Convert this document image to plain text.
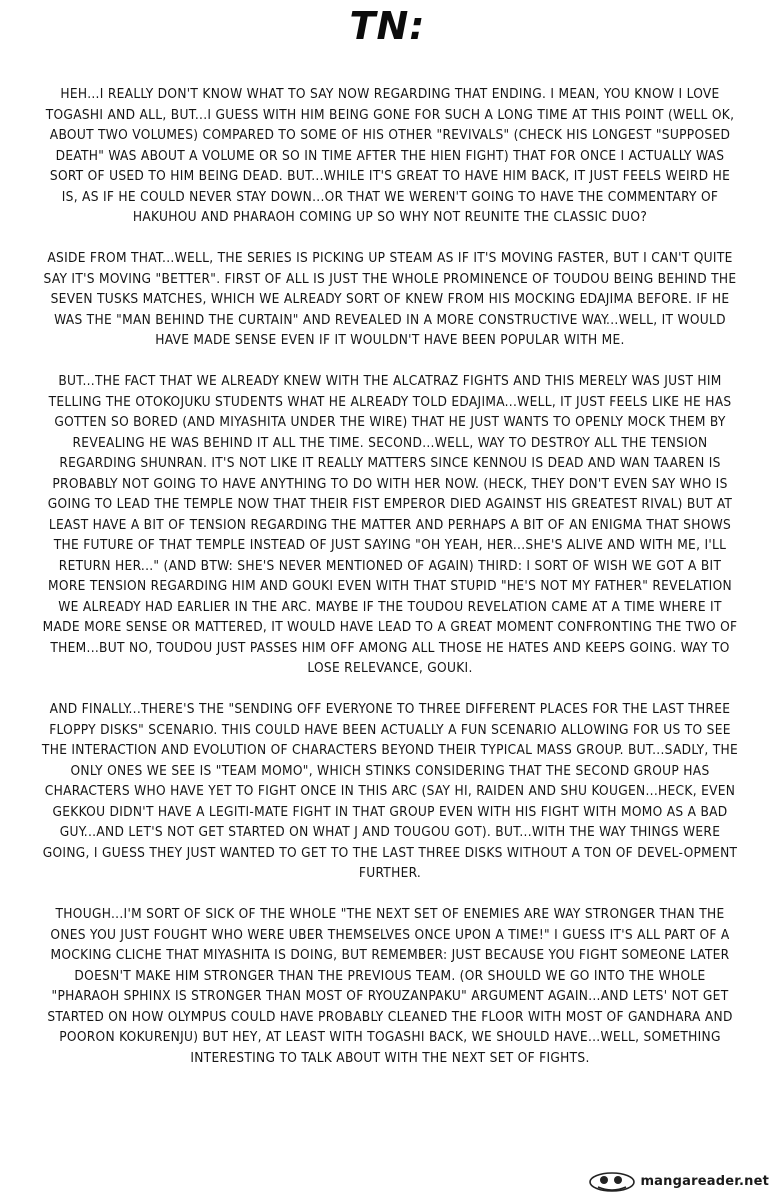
TN:

HEH...I REALLY DON'T KNOW WHAT TO SAY NOW REGARDING THAT ENDING. I MEAN, YOU KNOW I LOVE TOGASHI AND ALL, BUT...I GUESS WITH HIM BEING GONE FOR SUCH A LONG TIME AT THIS POINT (WELL OK, ABOUT TWO VOLUMES) COMPARED TO SOME OF HIS OTHER "REVIVALS" (CHECK HIS LONGEST "SUPPOSED DEATH" WAS ABOUT A VOLUME OR SO IN TIME AFTER THE HIEN FIGHT) THAT FOR ONCE I ACTUALLY WAS SORT OF USED TO HIM BEING DEAD. BUT...WHILE IT'S GREAT TO HAVE HIM BACK, IT JUST FEELS WEIRD HE IS, AS IF HE COULD NEVER STAY DOWN...OR THAT WE WEREN'T GOING TO HAVE THE COMMENTARY OF HAKUHOU AND PHARAOH COMING UP SO WHY NOT REUNITE THE CLASSIC DUO?

ASIDE FROM THAT...WELL, THE SERIES IS PICKING UP STEAM AS IF IT'S MOVING FASTER, BUT I CAN'T QUITE SAY IT'S MOVING "BETTER". FIRST OF ALL IS JUST THE WHOLE PROMINENCE OF TOUDOU BEING BEHIND THE SEVEN TUSKS MATCHES, WHICH WE ALREADY SORT OF KNEW FROM HIS MOCKING EDAJIMA BEFORE. IF HE WAS THE "MAN BEHIND THE CURTAIN" AND REVEALED IN A MORE CONSTRUCTIVE WAY...WELL, IT WOULD HAVE MADE SENSE EVEN IF IT WOULDN'T HAVE BEEN POPULAR WITH ME.

BUT...THE FACT THAT WE ALREADY KNEW WITH THE ALCATRAZ FIGHTS AND THIS MERELY WAS JUST HIM TELLING THE OTOKOJUKU STUDENTS WHAT HE ALREADY TOLD EDAJIMA...WELL, IT JUST FEELS LIKE HE HAS GOTTEN SO BORED (AND MIYASHITA UNDER THE WIRE) THAT HE JUST WANTS TO OPENLY MOCK THEM BY REVEALING HE WAS BEHIND IT ALL THE TIME. SECOND...WELL, WAY TO DESTROY ALL THE TENSION REGARDING SHUNRAN. IT'S NOT LIKE IT REALLY MATTERS SINCE KENNOU IS DEAD AND WAN TAAREN IS PROBABLY NOT GOING TO HAVE ANYTHING TO DO WITH HER NOW. (HECK, THEY DON'T EVEN SAY WHO IS GOING TO LEAD THE TEMPLE NOW THAT THEIR FIST EMPEROR DIED AGAINST HIS GREATEST RIVAL) BUT AT LEAST HAVE A BIT OF TENSION REGARDING THE MATTER AND PERHAPS A BIT OF AN ENIGMA THAT SHOWS THE FUTURE OF THAT TEMPLE INSTEAD OF JUST SAYING "OH YEAH, HER...SHE'S ALIVE AND WITH ME, I'LL RETURN HER..." (AND BTW: SHE'S NEVER MENTIONED OF AGAIN) THIRD: I SORT OF WISH WE GOT A BIT MORE TENSION REGARDING HIM AND GOUKI EVEN WITH THAT STUPID "HE'S NOT MY FATHER" REVELATION WE ALREADY HAD EARLIER IN THE ARC. MAYBE IF THE TOUDOU REVELATION CAME AT A TIME WHERE IT MADE MORE SENSE OR MATTERED, IT WOULD HAVE LEAD TO A GREAT MOMENT CONFRONTING THE TWO OF THEM...BUT NO, TOUDOU JUST PASSES HIM OFF AMONG ALL THOSE HE HATES AND KEEPS GOING. WAY TO LOSE RELEVANCE, GOUKI.

AND FINALLY...THERE'S THE "SENDING OFF EVERYONE TO THREE DIFFERENT PLACES FOR THE LAST THREE FLOPPY DISKS" SCENARIO. THIS COULD HAVE BEEN ACTUALLY A FUN SCENARIO ALLOWING FOR US TO SEE THE INTERACTION AND EVOLUTION OF CHARACTERS BEYOND THEIR TYPICAL MASS GROUP. BUT...SADLY, THE ONLY ONES WE SEE IS "TEAM MOMO", WHICH STINKS CONSIDERING THAT THE SECOND GROUP HAS CHARACTERS WHO HAVE YET TO FIGHT ONCE IN THIS ARC (SAY HI, RAIDEN AND SHU KOUGEN...HECK, EVEN GEKKOU DIDN'T HAVE A LEGITI-MATE FIGHT IN THAT GROUP EVEN WITH HIS FIGHT WITH MOMO AS A BAD GUY...AND LET'S NOT GET STARTED ON WHAT J AND TOUGOU GOT). BUT...WITH THE WAY THINGS WERE GOING, I GUESS THEY JUST WANTED TO GET TO THE LAST THREE DISKS WITHOUT A TON OF DEVEL-OPMENT FURTHER.

THOUGH...I'M SORT OF SICK OF THE WHOLE "THE NEXT SET OF ENEMIES ARE WAY STRONGER THAN THE ONES YOU JUST FOUGHT WHO WERE UBER THEMSELVES ONCE UPON A TIME!" I GUESS IT'S ALL PART OF A MOCKING CLICHE THAT MIYASHITA IS DOING, BUT REMEMBER: JUST BECAUSE YOU FIGHT SOMEONE LATER DOESN'T MAKE HIM STRONGER THAN THE PREVIOUS TEAM. (OR SHOULD WE GO INTO THE WHOLE "PHARAOH SPHINX IS STRONGER THAN MOST OF RYOUZANPAKU" ARGUMENT AGAIN...AND LETS' NOT GET STARTED ON HOW OLYMPUS COULD HAVE PROBABLY CLEANED THE FLOOR WITH MOST OF GANDHARA AND POORON KOKURENJU) BUT HEY, AT LEAST WITH TOGASHI BACK, WE SHOULD HAVE...WELL, SOMETHING INTERESTING TO TALK ABOUT WITH THE NEXT SET OF FIGHTS.

mangareader.net
